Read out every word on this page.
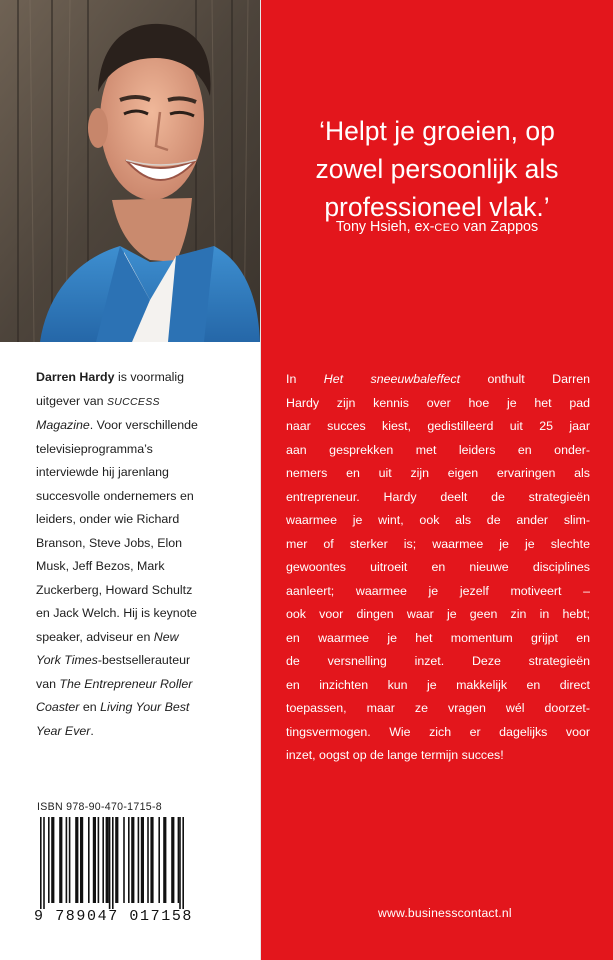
Darren Hardy is voormalig
uitgever van SUCCESS
Magazine. Voor verschillende
televisieprogramma’s
interviewde hij jarenlang
succesvolle ondernemers en
leiders, onder wie Richard
Branson, Steve Jobs, Elon
Musk, Jeff Bezos, Mark
Zuckerberg, Howard Schultz
en Jack Welch. Hij is keynote
speaker, adviseur en New
York Times-bestsellerauteur
van The Entrepreneur Roller
Coaster en Living Your Best
Year Ever.

ISBN 978-90-470-1715-8
9 789047 017158
‘Helpt je groeien, op
zowel persoonlijk als
professioneel vlak.’
Tony Hsieh, ex-CEO van Zappos

In Het sneeuwbaleffect onthult Darren
Hardy zijn kennis over hoe je het pad
naar succes kiest, gedistilleerd uit 25 jaar
aan gesprekken met leiders en onder-
nemers en uit zijn eigen ervaringen als
entrepreneur. Hardy deelt de strategieën
waarmee je wint, ook als de ander slim-
mer of sterker is; waarmee je je slechte
gewoontes uitroeit en nieuwe disciplines
aanleert; waarmee je jezelf motiveert –
ook voor dingen waar je geen zin in hebt;
en waarmee je het momentum grijpt en
de versnelling inzet. Deze strategieën
en inzichten kun je makkelijk en direct
toepassen, maar ze vragen wél doorzet-
tingsvermogen. Wie zich er dagelijks voor
inzet, oogst op de lange termijn succes!

www.businesscontact.nl
